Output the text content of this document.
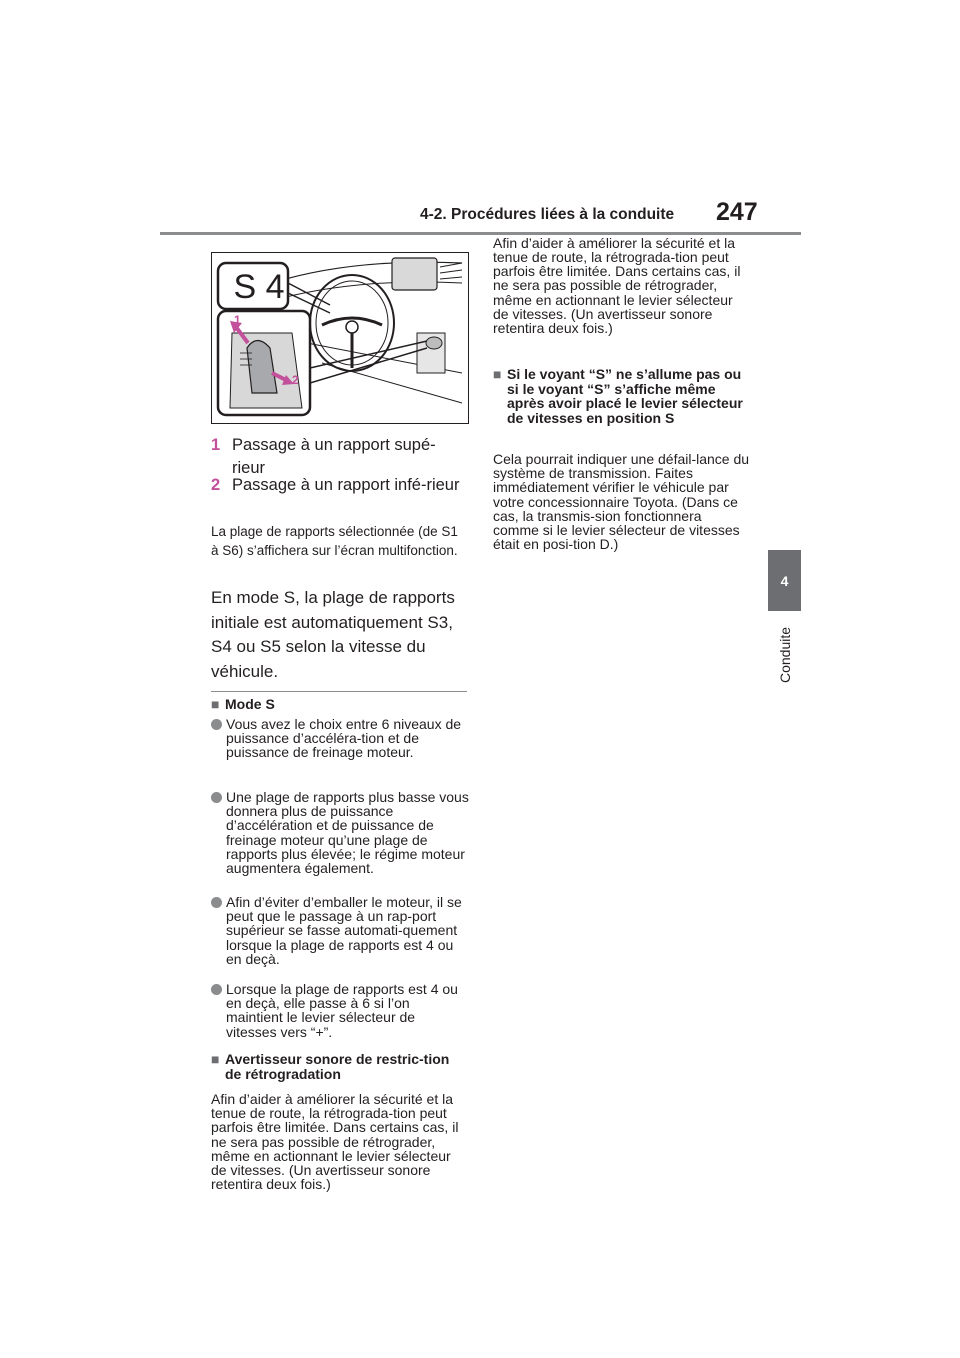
4-2. Procédures liées à la conduite 247
4
Conduite
S 4
1
2
1 Passage à un rapport supé-rieur
2 Passage à un rapport infé-rieur
La plage de rapports sélectionnée (de S1 à S6) s’affichera sur l’écran multifonction.
En mode S, la plage de rapports initiale est automatiquement S3, S4 ou S5 selon la vitesse du véhicule.
■ Mode S
Vous avez le choix entre 6 niveaux de puissance d’accéléra-tion et de puissance de freinage moteur.
Une plage de rapports plus basse vous donnera plus de puissance d’accélération et de puissance de freinage moteur qu’une plage de rapports plus élevée; le régime moteur augmentera également.
Afin d’éviter d’emballer le moteur, il se peut que le passage à un rap-port supérieur se fasse automati-quement lorsque la plage de rapports est 4 ou en deçà.
Lorsque la plage de rapports est 4 ou en deçà, elle passe à 6 si l’on maintient le levier sélecteur de vitesses vers “+”.
■ Avertisseur sonore de restric-tion de rétrogradation
Afin d’aider à améliorer la sécurité et la tenue de route, la rétrograda-tion peut parfois être limitée. Dans certains cas, il ne sera pas possible de rétrograder, même en actionnant le levier sélecteur de vitesses. (Un avertisseur sonore retentira deux fois.)
Afin d’aider à améliorer la sécurité et la tenue de route, la rétrograda-tion peut parfois être limitée. Dans certains cas, il ne sera pas possible de rétrograder, même en actionnant le levier sélecteur de vitesses. (Un avertisseur sonore retentira deux fois.)
■ Si le voyant “S” ne s’allume pas ou si le voyant “S” s’affiche même après avoir placé le levier sélecteur de vitesses en position S
Cela pourrait indiquer une défail-lance du système de transmission. Faites immédiatement vérifier le véhicule par votre concessionnaire Toyota. (Dans ce cas, la transmis-sion fonctionnera comme si le levier sélecteur de vitesses était en posi-tion D.)
